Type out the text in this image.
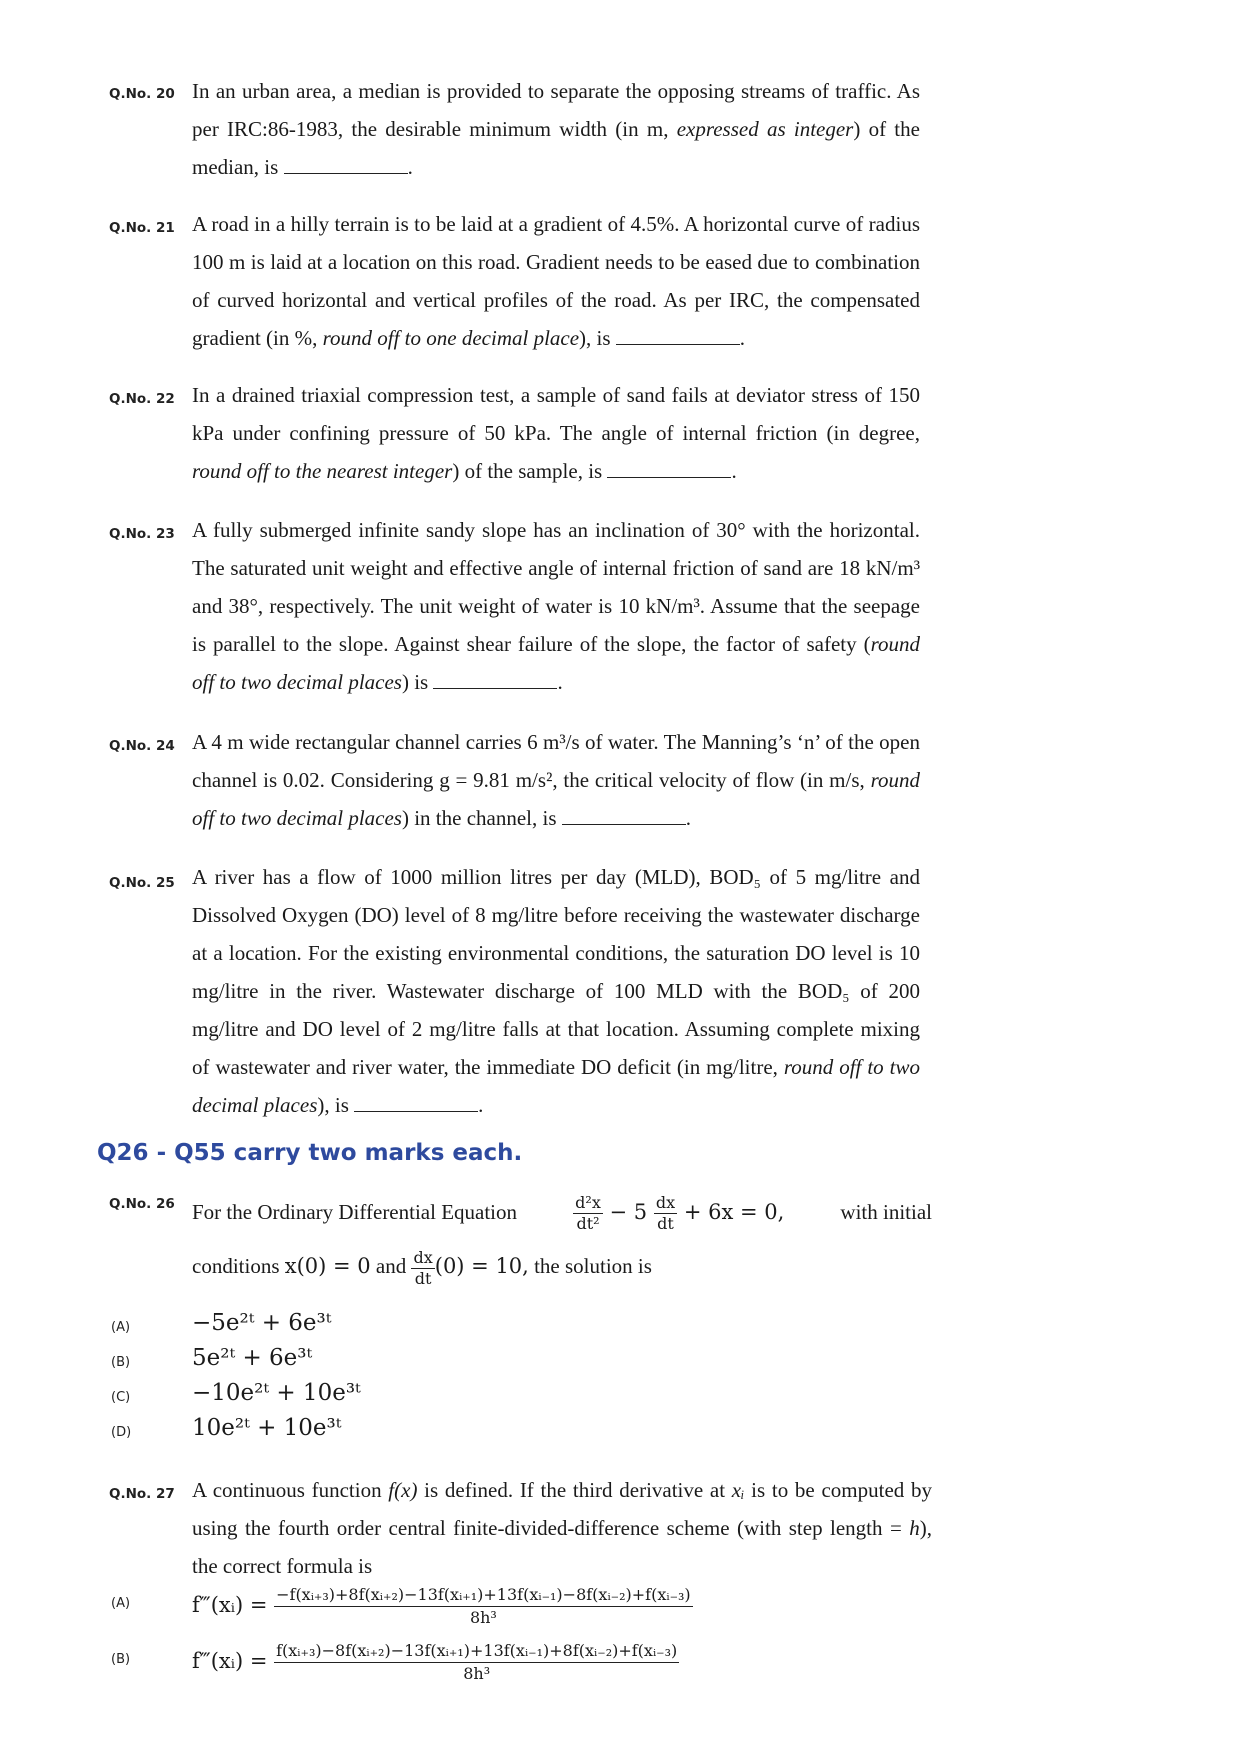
Q.No. 20 In an urban area, a median is provided to separate the opposing streams of traffic. As per IRC:86-1983, the desirable minimum width (in m, expressed as integer) of the median, is	.
Q.No. 21 A road in a hilly terrain is to be laid at a gradient of 4.5%. A horizontal curve of radius 100 m is laid at a location on this road. Gradient needs to be eased due to combination of curved horizontal and vertical profiles of the road. As per IRC, the compensated gradient (in %, round off to one decimal place), is	.
Q.No. 22 In a drained triaxial compression test, a sample of sand fails at deviator stress of 150 kPa under confining pressure of 50 kPa. The angle of internal friction (in degree, round off to the nearest integer) of the sample, is	.
Q.No. 23 A fully submerged infinite sandy slope has an inclination of 30° with the horizontal. The saturated unit weight and effective angle of internal friction of sand are 18 kN/m³ and 38°, respectively. The unit weight of water is 10 kN/m³. Assume that the seepage is parallel to the slope. Against shear failure of the slope, the factor of safety (round off to two decimal places) is	.
Q.No. 24 A 4 m wide rectangular channel carries 6 m³/s of water. The Manning’s ‘n’ of the open channel is 0.02. Considering g = 9.81 m/s², the critical velocity of flow (in m/s, round off to two decimal places) in the channel, is	.
Q.No. 25 A river has a flow of 1000 million litres per day (MLD), BOD₅ of 5 mg/litre and Dissolved Oxygen (DO) level of 8 mg/litre before receiving the wastewater discharge at a location. For the existing environmental conditions, the saturation DO level is 10 mg/litre in the river. Wastewater discharge of 100 MLD with the BOD₅ of 200 mg/litre and DO level of 2 mg/litre falls at that location. Assuming complete mixing of wastewater and river water, the immediate DO deficit (in mg/litre, round off to two decimal places), is	.
Q26 - Q55 carry two marks each.
Q.No. 26 For the Ordinary Differential Equation	$\frac{\text{d²x}}{\text{dt²}} - 5 \frac{dx}{dt} + 6x = 0$,	with initial
conditions x(0) = 0 and $\frac{dx}{dt} (0) = 10$, the solution is
(A)	−5e²ᵗ + 6e³ᵗ
(B)	5e²ᵗ + 6e³ᵗ
(C)	−10e²ᵗ + 10e³ᵗ
(D)	10e²ᵗ + 10e³ᵗ
Q.No. 27 A continuous function f(x) is defined. If the third derivative at xᵢ is to be computed by using the fourth order central finite-divided-difference scheme (with step length = h), the correct formula is
(A)	f‴(xᵢ) = $\frac{\text{−f(xᵢ₊₃)+8f(xᵢ₊₂)−13f(xᵢ₊₁)+13f(xᵢ₋₁)−8f(xᵢ₋₂)+f(xᵢ₋₃)}}{\text{8h³}}$
(B)	f‴(xᵢ) = $\frac{\text{f(xᵢ₊₃)−8f(xᵢ₊₂)−13f(xᵢ₊₁)+13f(xᵢ₋₁)+8f(xᵢ₋₂)+f(xᵢ₋₃)}}{\text{8h³}}$
